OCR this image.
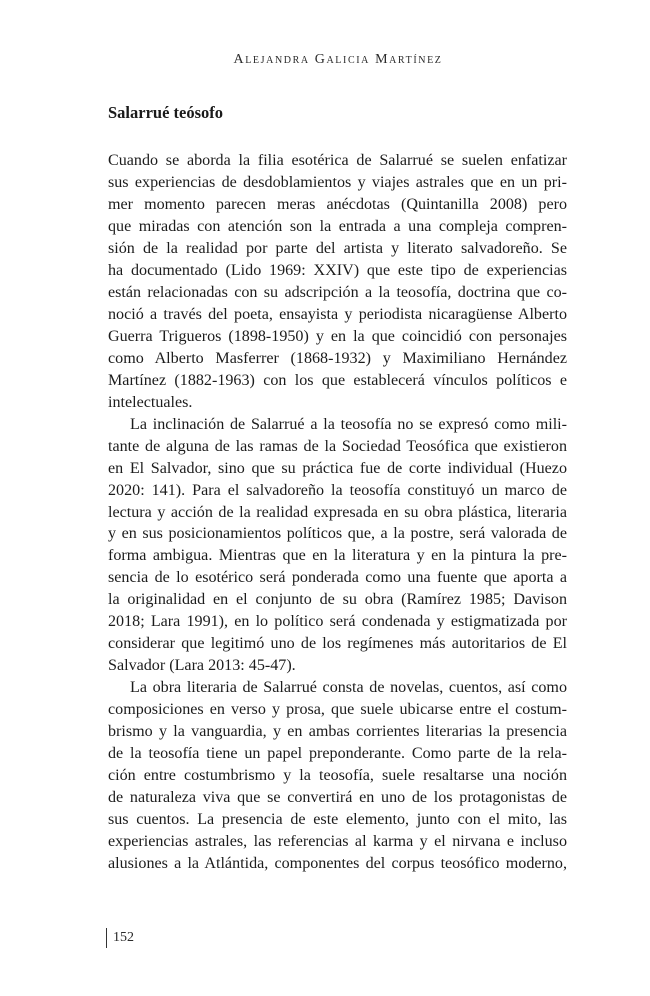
Alejandra Galicia Martínez
Salarrué teósofo
Cuando se aborda la filia esotérica de Salarrué se suelen enfatizar
sus experiencias de desdoblamientos y viajes astrales que en un pri-
mer momento parecen meras anécdotas (Quintanilla 2008) pero
que miradas con atención son la entrada a una compleja compren-
sión de la realidad por parte del artista y literato salvadoreño. Se
ha documentado (Lido 1969: XXIV) que este tipo de experiencias
están relacionadas con su adscripción a la teosofía, doctrina que co-
noció a través del poeta, ensayista y periodista nicaragüense Alberto
Guerra Trigueros (1898-1950) y en la que coincidió con personajes
como Alberto Masferrer (1868-1932) y Maximiliano Hernández
Martínez (1882-1963) con los que establecerá vínculos políticos e
intelectuales.
La inclinación de Salarrué a la teosofía no se expresó como mili-
tante de alguna de las ramas de la Sociedad Teosófica que existieron
en El Salvador, sino que su práctica fue de corte individual (Huezo
2020: 141). Para el salvadoreño la teosofía constituyó un marco de
lectura y acción de la realidad expresada en su obra plástica, literaria
y en sus posicionamientos políticos que, a la postre, será valorada de
forma ambigua. Mientras que en la literatura y en la pintura la pre-
sencia de lo esotérico será ponderada como una fuente que aporta a
la originalidad en el conjunto de su obra (Ramírez 1985; Davison
2018; Lara 1991), en lo político será condenada y estigmatizada por
considerar que legitimó uno de los regímenes más autoritarios de El
Salvador (Lara 2013: 45-47).
La obra literaria de Salarrué consta de novelas, cuentos, así como
composiciones en verso y prosa, que suele ubicarse entre el costum-
brismo y la vanguardia, y en ambas corrientes literarias la presencia
de la teosofía tiene un papel preponderante. Como parte de la rela-
ción entre costumbrismo y la teosofía, suele resaltarse una noción
de naturaleza viva que se convertirá en uno de los protagonistas de
sus cuentos. La presencia de este elemento, junto con el mito, las
experiencias astrales, las referencias al karma y el nirvana e incluso
alusiones a la Atlántida, componentes del corpus teosófico moderno,
152
